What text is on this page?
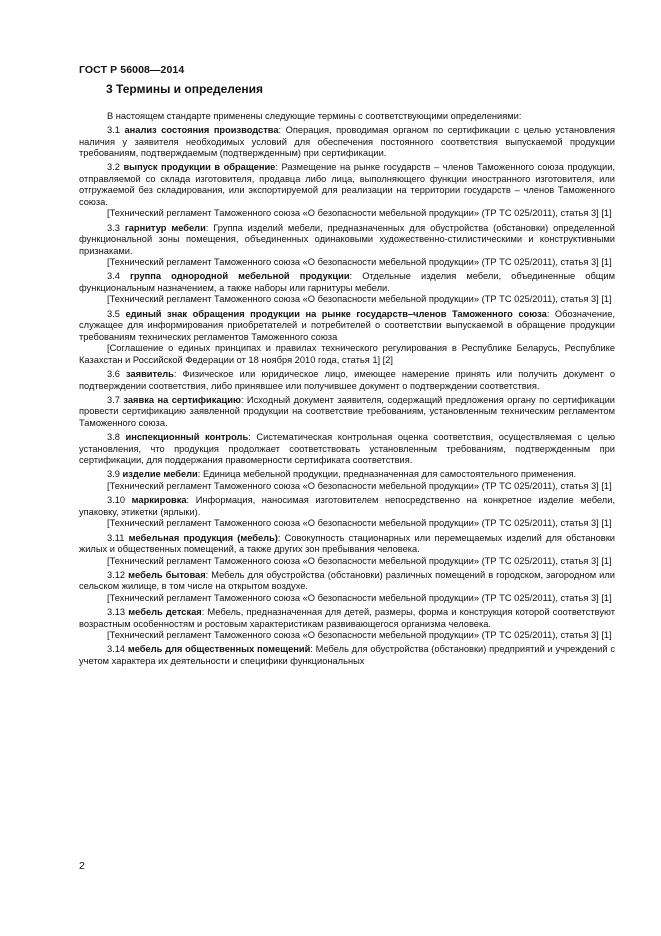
ГОСТ Р 56008—2014
3 Термины и определения

В настоящем стандарте применены следующие термины с соответствующими определениями:

3.1 анализ состояния производства: Операция, проводимая органом по сертификации с целью установления наличия у заявителя необходимых условий для обеспечения постоянного соответствия выпускаемой продукции требованиям, подтверждаемым (подтвержденным) при сертификации.

3.2 выпуск продукции в обращение: Размещение на рынке государств – членов Таможенного союза продукции, отправляемой со склада изготовителя, продавца либо лица, выполняющего функции иностранного изготовителя, или отгружаемой без складирования, или экспортируемой для реализации на территории государств – членов Таможенного союза.

[Технический регламент Таможенного союза «О безопасности мебельной продукции» (ТР ТС 025/2011), статья 3] [1]

3.3 гарнитур мебели: Группа изделий мебели, предназначенных для обустройства (обстановки) определенной функциональной зоны помещения, объединенных одинаковыми художественно-стилистическими и конструктивными признаками.

[Технический регламент Таможенного союза «О безопасности мебельной продукции» (ТР ТС 025/2011), статья 3] [1]

3.4 группа однородной мебельной продукции: Отдельные изделия мебели, объединенные общим функциональным назначением, а также наборы или гарнитуры мебели.

[Технический регламент Таможенного союза «О безопасности мебельной продукции» (ТР ТС 025/2011), статья 3] [1]

3.5 единый знак обращения продукции на рынке государств–членов Таможенного союза: Обозначение, служащее для информирования приобретателей и потребителей о соответствии выпускаемой в обращение продукции требованиям технических регламентов Таможенного союза

[Соглашение о единых принципах и правилах технического регулирования в Республике Беларусь, Республике Казахстан и Российской Федерации от 18 ноября 2010 года, статья 1] [2]

3.6 заявитель: Физическое или юридическое лицо, имеющее намерение принять или получить документ о подтверждении соответствия, либо принявшее или получившее документ о подтверждении соответствия.

3.7 заявка на сертификацию: Исходный документ заявителя, содержащий предложения органу по сертификации провести сертификацию заявленной продукции на соответствие требованиям, установленным техническим регламентом Таможенного союза.

3.8 инспекционный контроль: Систематическая контрольная оценка соответствия, осуществляемая с целью установления, что продукция продолжает соответствовать установленным требованиям, подтвержденным при сертификации, для поддержания правомерности сертификата соответствия.

3.9 изделие мебели: Единица мебельной продукции, предназначенная для самостоятельного применения.

[Технический регламент Таможенного союза «О безопасности мебельной продукции» (ТР ТС 025/2011), статья 3] [1]

3.10 маркировка: Информация, наносимая изготовителем непосредственно на конкретное изделие мебели, упаковку, этикетки (ярлыки).

[Технический регламент Таможенного союза «О безопасности мебельной продукции» (ТР ТС 025/2011), статья 3] [1]

3.11 мебельная продукция (мебель): Совокупность стационарных или перемещаемых изделий для обстановки жилых и общественных помещений, а также других зон пребывания человека.

[Технический регламент Таможенного союза «О безопасности мебельной продукции» (ТР ТС 025/2011), статья 3] [1]

3.12 мебель бытовая: Мебель для обустройства (обстановки) различных помещений в городском, загородном или сельском жилище, в том числе на открытом воздухе.

[Технический регламент Таможенного союза «О безопасности мебельной продукции» (ТР ТС 025/2011), статья 3] [1]

3.13 мебель детская: Мебель, предназначенная для детей, размеры, форма и конструкция которой соответствуют возрастным особенностям и ростовым характеристикам развивающегося организма человека.

[Технический регламент Таможенного союза «О безопасности мебельной продукции» (ТР ТС 025/2011), статья 3] [1]

3.14 мебель для общественных помещений: Мебель для обустройства (обстановки) предприятий и учреждений с учетом характера их деятельности и специфики функциональных

2
